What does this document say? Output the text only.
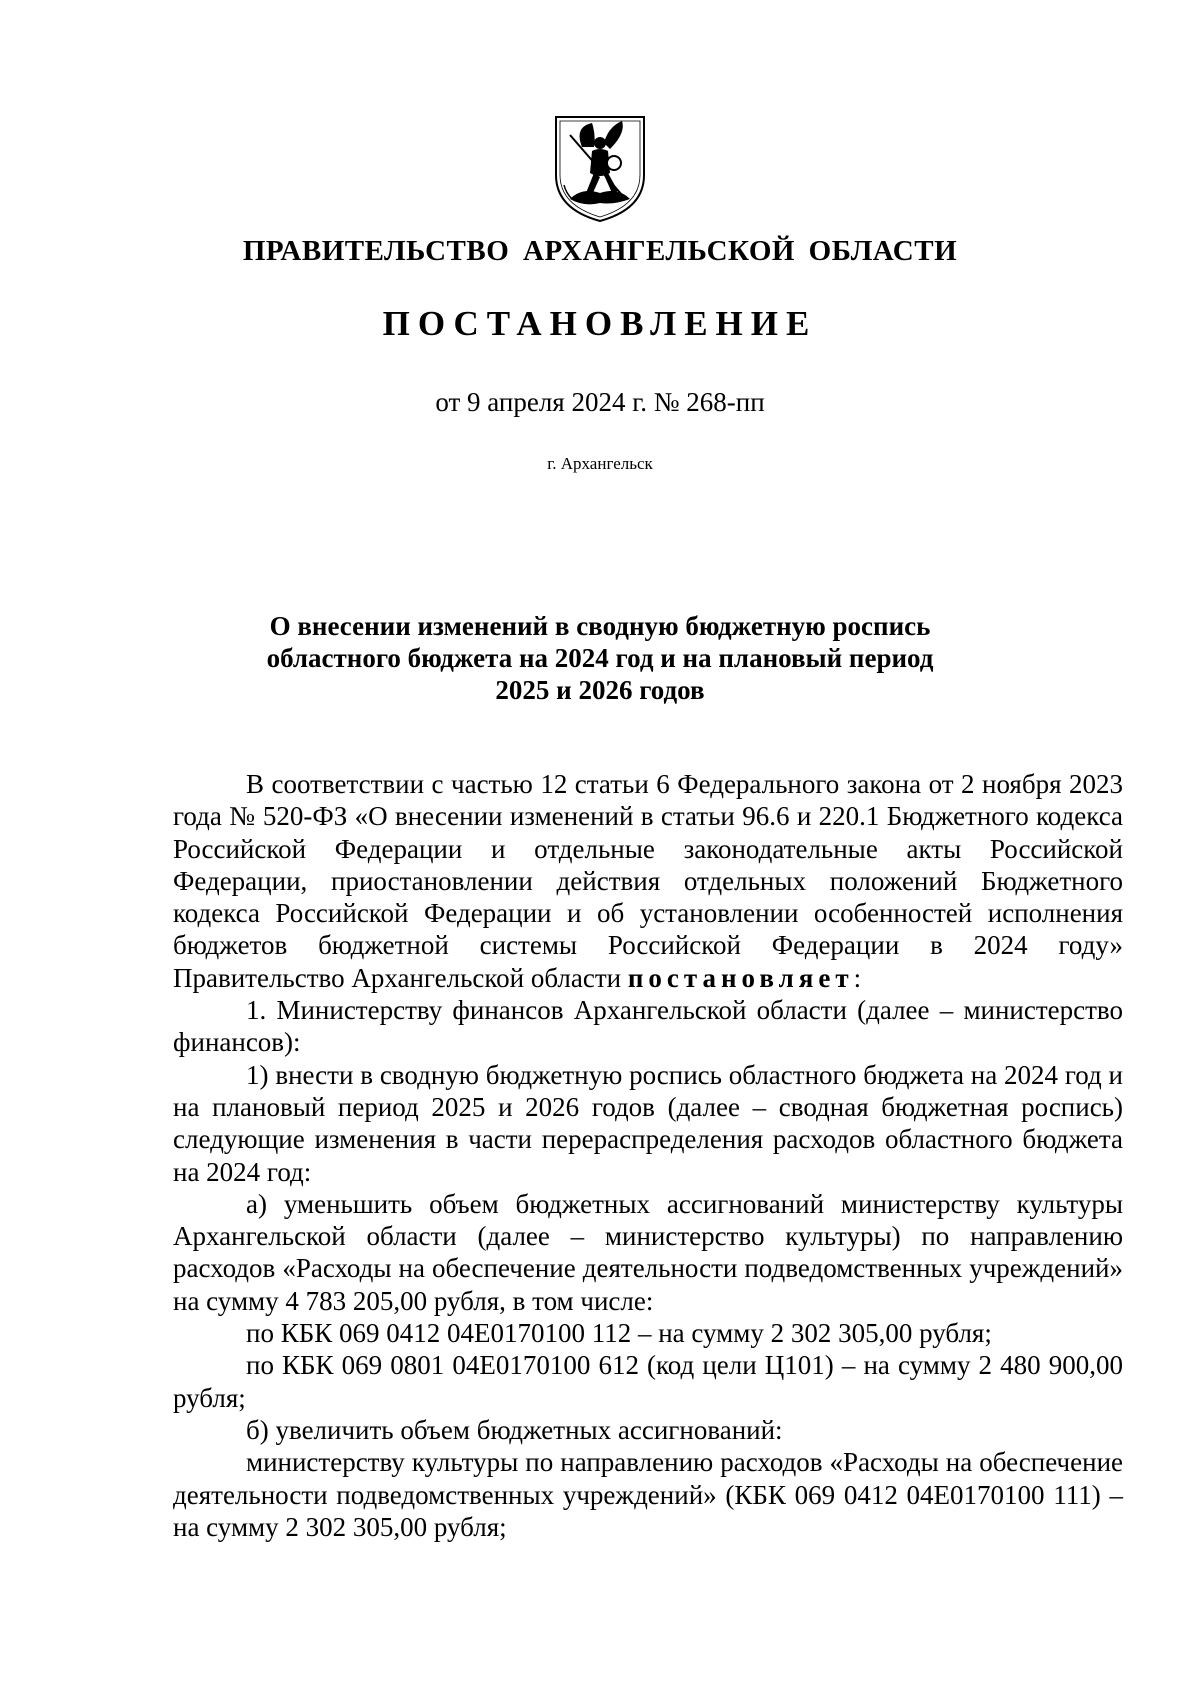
ПРАВИТЕЛЬСТВО АРХАНГЕЛЬСКОЙ ОБЛАСТИ
ПОСТАНОВЛЕНИЕ
от 9 апреля 2024 г. № 268-пп
г. Архангельск
О внесении изменений в сводную бюджетную роспись
областного бюджета на 2024 год и на плановый период
2025 и 2026 годов

В соответствии с частью 12 статьи 6 Федерального закона от 2 ноября 2023 года № 520-ФЗ «О внесении изменений в статьи 96.6 и 220.1 Бюджетного кодекса Российской Федерации и отдельные законодательные акты Российской Федерации, приостановлении действия отдельных положений Бюджетного кодекса Российской Федерации и об установлении особенностей исполнения бюджетов бюджетной системы Российской Федерации в 2024 году» Правительство Архангельской области постановляет:

1. Министерству финансов Архангельской области (далее – министерство финансов):

1) внести в сводную бюджетную роспись областного бюджета на 2024 год и на плановый период 2025 и 2026 годов (далее – сводная бюджетная роспись) следующие изменения в части перераспределения расходов областного бюджета на 2024 год:

а) уменьшить объем бюджетных ассигнований министерству культуры Архангельской области (далее – министерство культуры) по направлению расходов «Расходы на обеспечение деятельности подведомственных учреждений» на сумму 4 783 205,00 рубля, в том числе:

по КБК 069 0412 04Е0170100 112 – на сумму 2 302 305,00 рубля;

по КБК 069 0801 04Е0170100 612 (код цели Ц101) – на сумму 2 480 900,00 рубля;

б) увеличить объем бюджетных ассигнований:

министерству культуры по направлению расходов «Расходы на обеспечение деятельности подведомственных учреждений» (КБК 069 0412 04Е0170100 111) – на сумму 2 302 305,00 рубля;
